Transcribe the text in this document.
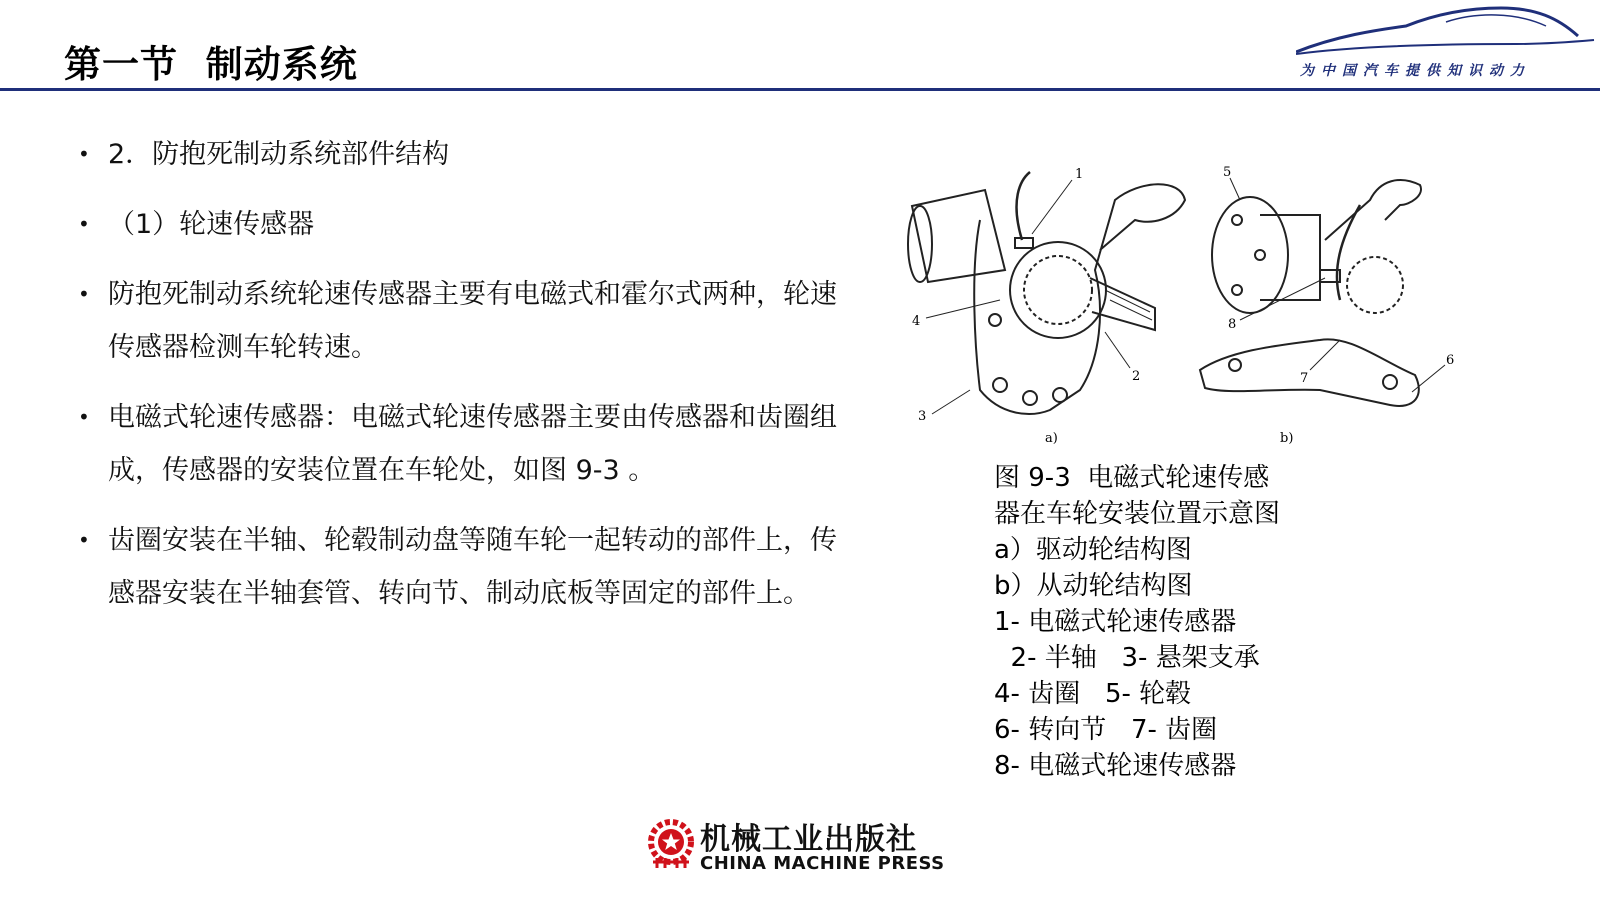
第一节  制动系统	为中国汽车提供知识动力
• 2．防抱死制动系统部件结构
• （1）轮速传感器
• 防抱死制动系统轮速传感器主要有电磁式和霍尔式两种，轮速传感器检测车轮转速。
• 电磁式轮速传感器：电磁式轮速传感器主要由传感器和齿圈组成，传感器的安装位置在车轮处，如图 9-3 。
• 齿圈安装在半轴、轮毂制动盘等随车轮一起转动的部件上，传感器安装在半轴套管、转向节、制动底板等固定的部件上。
1
2
3
4
a)
5
6
7
8
b)
图 9-3  电磁式轮速传感器在车轮安装位置示意图
a）驱动轮结构图
b）从动轮结构图
1- 电磁式轮速传感器
2- 半轴   3- 悬架支承   4- 齿圈   5- 轮毂
6- 转向节   7- 齿圈
8- 电磁式轮速传感器
机械工业出版社
CHINA MACHINE PRESS
